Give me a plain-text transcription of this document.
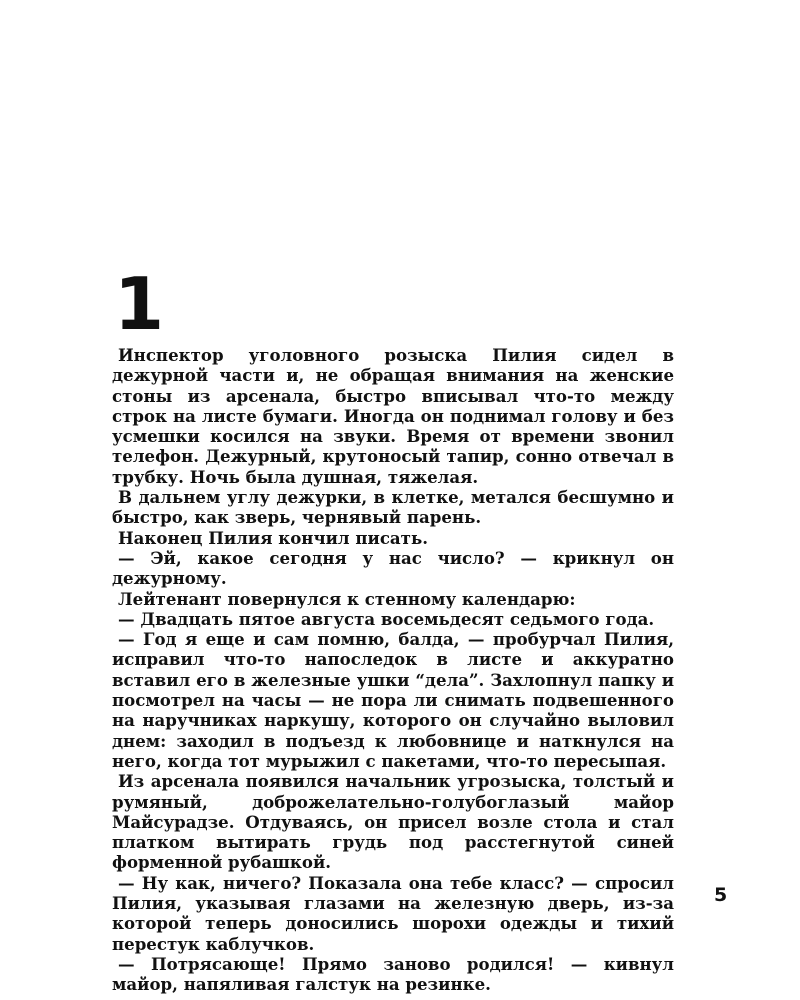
1

Инспектор уголовного розыска Пилия сидел в дежурной части и, не обращая внимания на женские стоны из арсенала, быстро вписывал что-то между строк на листе бумаги. Иногда он поднимал голову и без усмешки косился на звуки. Время от времени звонил телефон. Дежурный, крутоносый тапир, сонно отвечал в трубку. Ночь была душная, тяжелая.

В дальнем углу дежурки, в клетке, метался бесшумно и быстро, как зверь, чернявый парень.

Наконец Пилия кончил писать.

— Эй, какое сегодня у нас число? — крикнул он дежурному.

Лейтенант повернулся к стенному календарю:

— Двадцать пятое августа восемьдесят седьмого года.

— Год я еще и сам помню, балда, — пробурчал Пилия, исправил что-то напоследок в листе и аккуратно вставил его в железные ушки “дела”. Захлопнул папку и посмотрел на часы — не пора ли снимать подвешенного на наручниках наркушу, которого он случайно выловил днем: заходил в подъезд к любовнице и наткнулся на него, когда тот мурыжил с пакетами, что-то пересыпая.

Из арсенала появился начальник угрозыска, толстый и румяный, доброжелательно-голубоглазый майор Майсурадзе. Отдуваясь, он присел возле стола и стал платком вытирать грудь под расстегнутой синей форменной рубашкой.

— Ну как, ничего? Показала она тебе класс? — спросил Пилия, указывая глазами на железную дверь, из-за которой теперь доносились шорохи одежды и тихий перестук каблучков.

— Потрясающе! Прямо заново родился! — кивнул майор, напяливая галстук на резинке.

5
